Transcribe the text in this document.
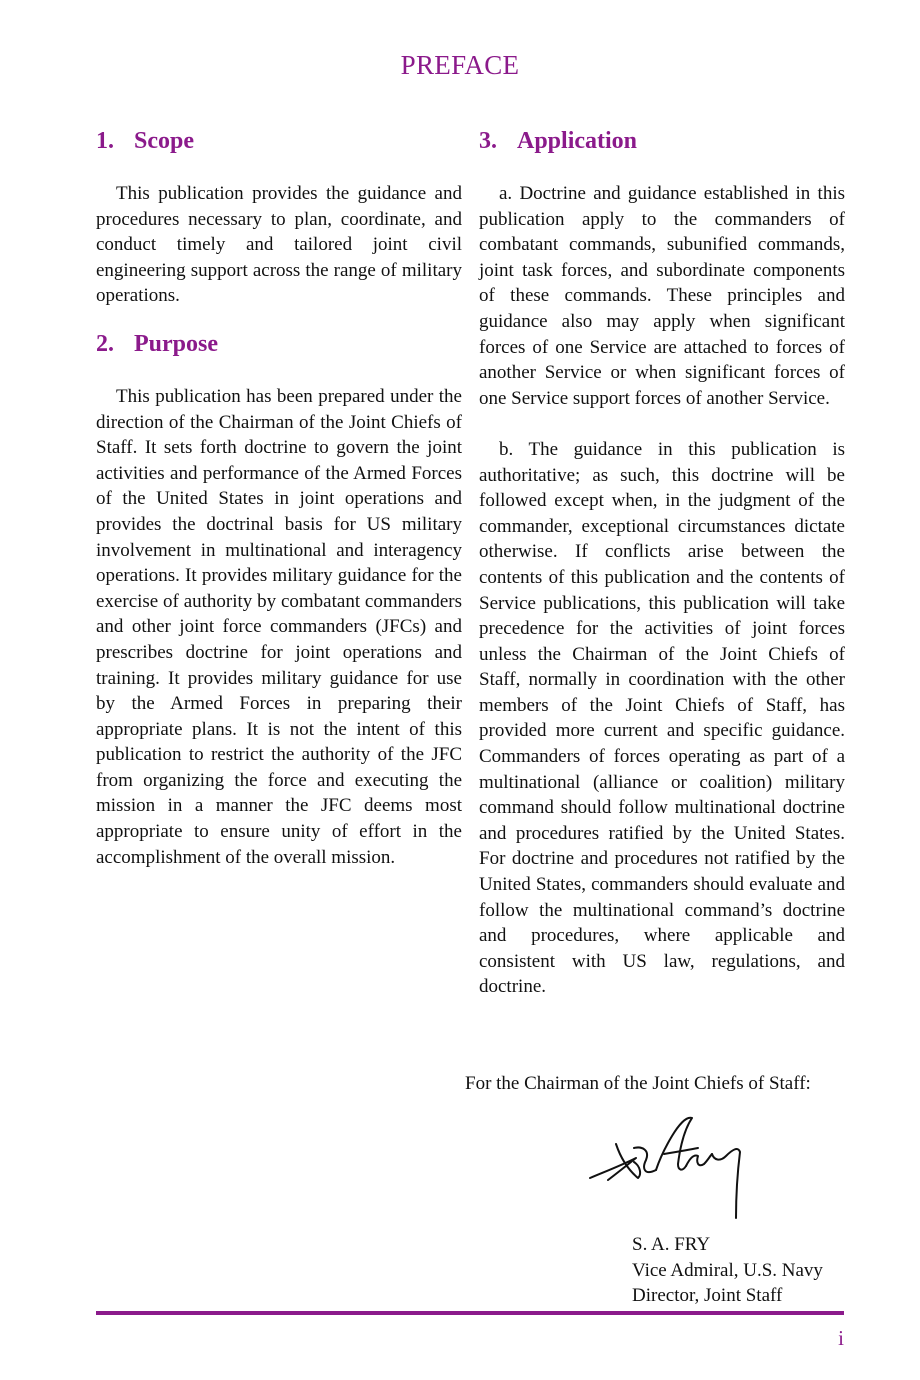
PREFACE
1. Scope

This publication provides the guidance and procedures necessary to plan, coordinate, and conduct timely and tailored joint civil engineering support across the range of military operations.

2. Purpose

This publication has been prepared under the direction of the Chairman of the Joint Chiefs of Staff. It sets forth doctrine to govern the joint activities and performance of the Armed Forces of the United States in joint operations and provides the doctrinal basis for US military involvement in multinational and interagency operations. It provides military guidance for the exercise of authority by combatant commanders and other joint force commanders (JFCs) and prescribes doctrine for joint operations and training. It provides military guidance for use by the Armed Forces in preparing their appropriate plans. It is not the intent of this publication to restrict the authority of the JFC from organizing the force and executing the mission in a manner the JFC deems most appropriate to ensure unity of effort in the accomplishment of the overall mission.

3. Application

a. Doctrine and guidance established in this publication apply to the commanders of combatant commands, subunified commands, joint task forces, and subordinate components of these commands. These principles and guidance also may apply when significant forces of one Service are attached to forces of another Service or when significant forces of one Service support forces of another Service.

b. The guidance in this publication is authoritative; as such, this doctrine will be followed except when, in the judgment of the commander, exceptional circumstances dictate otherwise. If conflicts arise between the contents of this publication and the contents of Service publications, this publication will take precedence for the activities of joint forces unless the Chairman of the Joint Chiefs of Staff, normally in coordination with the other members of the Joint Chiefs of Staff, has provided more current and specific guidance. Commanders of forces operating as part of a multinational (alliance or coalition) military command should follow multinational doctrine and procedures ratified by the United States. For doctrine and procedures not ratified by the United States, commanders should evaluate and follow the multinational command’s doctrine and procedures, where applicable and consistent with US law, regulations, and doctrine.

For the Chairman of the Joint Chiefs of Staff:
S. A. FRY
Vice Admiral, U.S. Navy
Director, Joint Staff
i
